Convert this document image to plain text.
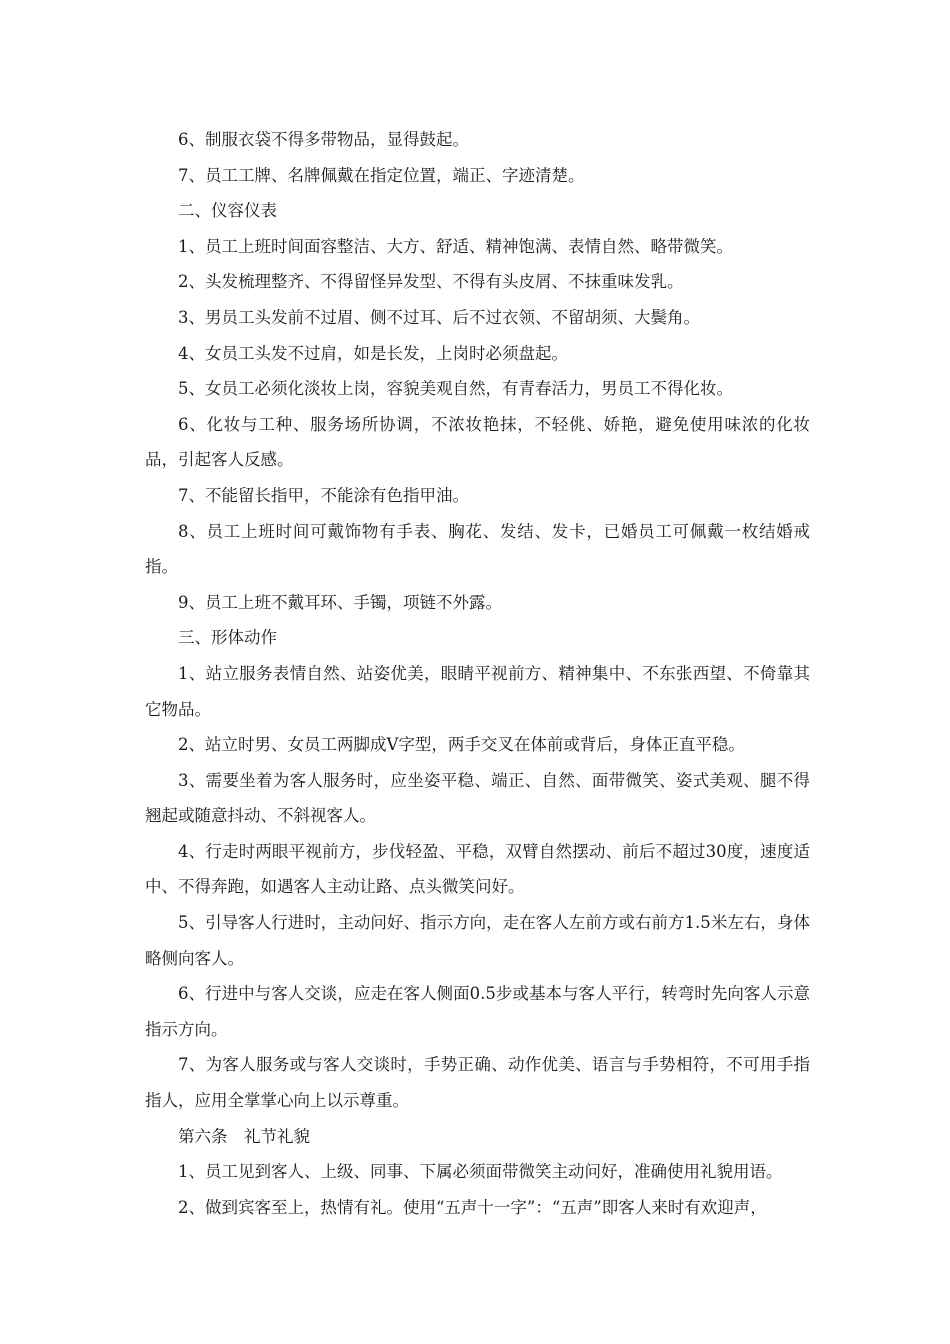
6、制服衣袋不得多带物品，显得鼓起。

7、员工工牌、名牌佩戴在指定位置，端正、字迹清楚。

二、仪容仪表

1、员工上班时间面容整洁、大方、舒适、精神饱满、表情自然、略带微笑。

2、头发梳理整齐、不得留怪异发型、不得有头皮屑、不抹重味发乳。

3、男员工头发前不过眉、侧不过耳、后不过衣领、不留胡须、大鬓角。

4、女员工头发不过肩，如是长发，上岗时必须盘起。

5、女员工必须化淡妆上岗，容貌美观自然，有青春活力，男员工不得化妆。

6、化妆与工种、服务场所协调，不浓妆艳抹，不轻佻、娇艳，避免使用味浓的化妆品，引起客人反感。

7、不能留长指甲，不能涂有色指甲油。

8、员工上班时间可戴饰物有手表、胸花、发结、发卡，已婚员工可佩戴一枚结婚戒指。

9、员工上班不戴耳环、手镯，项链不外露。

三、形体动作

1、站立服务表情自然、站姿优美，眼睛平视前方、精神集中、不东张西望、不倚靠其它物品。

2、站立时男、女员工两脚成Ⅴ字型，两手交叉在体前或背后，身体正直平稳。

3、需要坐着为客人服务时，应坐姿平稳、端正、自然、面带微笑、姿式美观、腿不得翘起或随意抖动、不斜视客人。

4、行走时两眼平视前方，步伐轻盈、平稳，双臂自然摆动、前后不超过30度，速度适中、不得奔跑，如遇客人主动让路、点头微笑问好。

5、引导客人行进时，主动问好、指示方向，走在客人左前方或右前方1.5米左右，身体略侧向客人。

6、行进中与客人交谈，应走在客人侧面0.5步或基本与客人平行，转弯时先向客人示意指示方向。

7、为客人服务或与客人交谈时，手势正确、动作优美、语言与手势相符，不可用手指指人，应用全掌掌心向上以示尊重。

第六条　礼节礼貌

1、员工见到客人、上级、同事、下属必须面带微笑主动问好，准确使用礼貌用语。

2、做到宾客至上，热情有礼。使用“五声十一字”：“五声”即客人来时有欢迎声，
